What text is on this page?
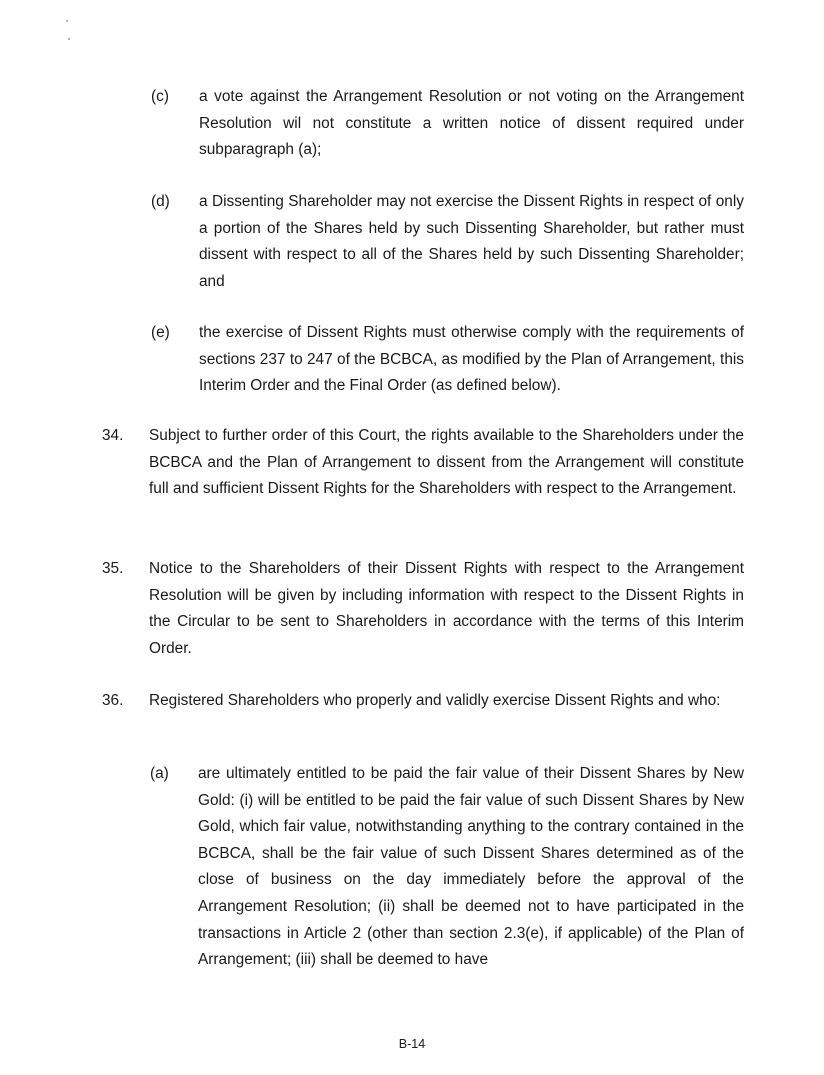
(c) a vote against the Arrangement Resolution or not voting on the Arrangement Resolution wil not constitute a written notice of dissent required under subparagraph (a);
(d) a Dissenting Shareholder may not exercise the Dissent Rights in respect of only a portion of the Shares held by such Dissenting Shareholder, but rather must dissent with respect to all of the Shares held by such Dissenting Shareholder; and
(e) the exercise of Dissent Rights must otherwise comply with the requirements of sections 237 to 247 of the BCBCA, as modified by the Plan of Arrangement, this Interim Order and the Final Order (as defined below).
34. Subject to further order of this Court, the rights available to the Shareholders under the BCBCA and the Plan of Arrangement to dissent from the Arrangement will constitute full and sufficient Dissent Rights for the Shareholders with respect to the Arrangement.
35. Notice to the Shareholders of their Dissent Rights with respect to the Arrangement Resolution will be given by including information with respect to the Dissent Rights in the Circular to be sent to Shareholders in accordance with the terms of this Interim Order.
36. Registered Shareholders who properly and validly exercise Dissent Rights and who:
(a) are ultimately entitled to be paid the fair value of their Dissent Shares by New Gold: (i) will be entitled to be paid the fair value of such Dissent Shares by New Gold, which fair value, notwithstanding anything to the contrary contained in the BCBCA, shall be the fair value of such Dissent Shares determined as of the close of business on the day immediately before the approval of the Arrangement Resolution; (ii) shall be deemed not to have participated in the transactions in Article 2 (other than section 2.3(e), if applicable) of the Plan of Arrangement; (iii) shall be deemed to have
B-14
